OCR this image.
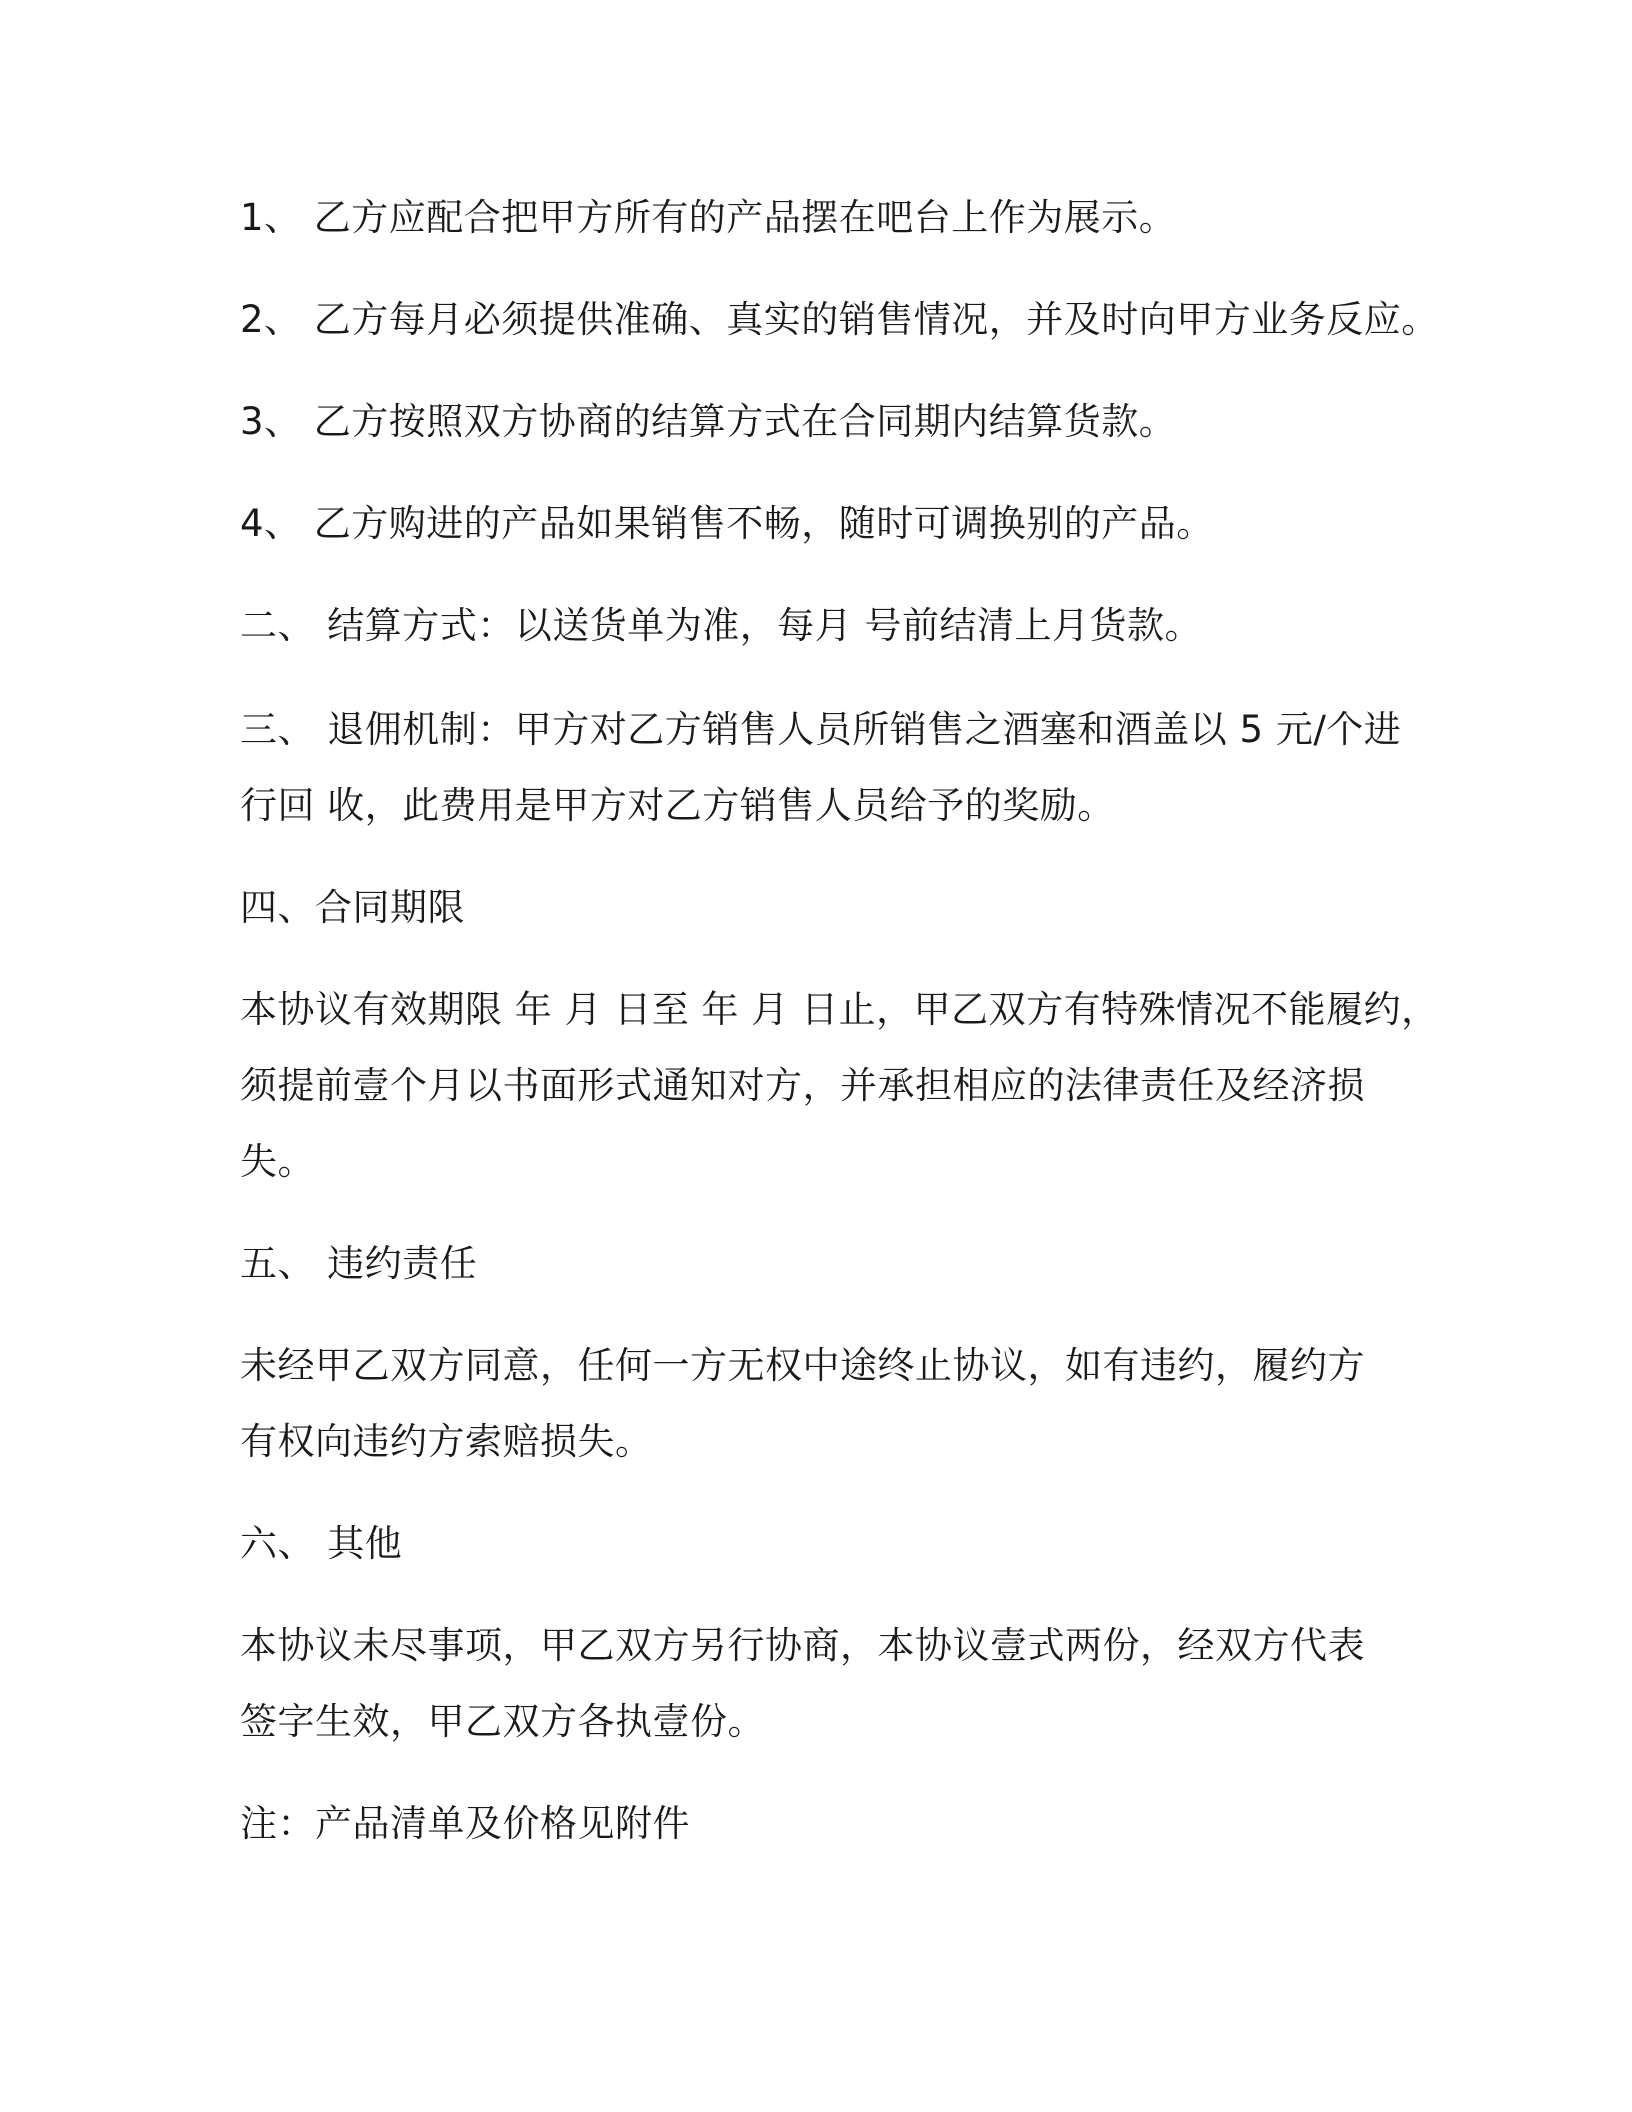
1、 乙方应配合把甲方所有的产品摆在吧台上作为展示。
2、 乙方每月必须提供准确、真实的销售情况，并及时向甲方业务反应。
3、 乙方按照双方协商的结算方式在合同期内结算货款。
4、 乙方购进的产品如果销售不畅，随时可调换别的产品。
二、 结算方式：以送货单为准，每月 号前结清上月货款。
三、 退佣机制：甲方对乙方销售人员所销售之酒塞和酒盖以 5 元/个进
行回 收，此费用是甲方对乙方销售人员给予的奖励。
四、合同期限
本协议有效期限 年 月 日至 年 月 日止，甲乙双方有特殊情况不能履约，
须提前壹个月以书面形式通知对方，并承担相应的法律责任及经济损
失。
五、 违约责任
未经甲乙双方同意，任何一方无权中途终止协议，如有违约，履约方
有权向违约方索赔损失。
六、 其他
本协议未尽事项，甲乙双方另行协商，本协议壹式两份，经双方代表
签字生效，甲乙双方各执壹份。
注：产品清单及价格见附件
